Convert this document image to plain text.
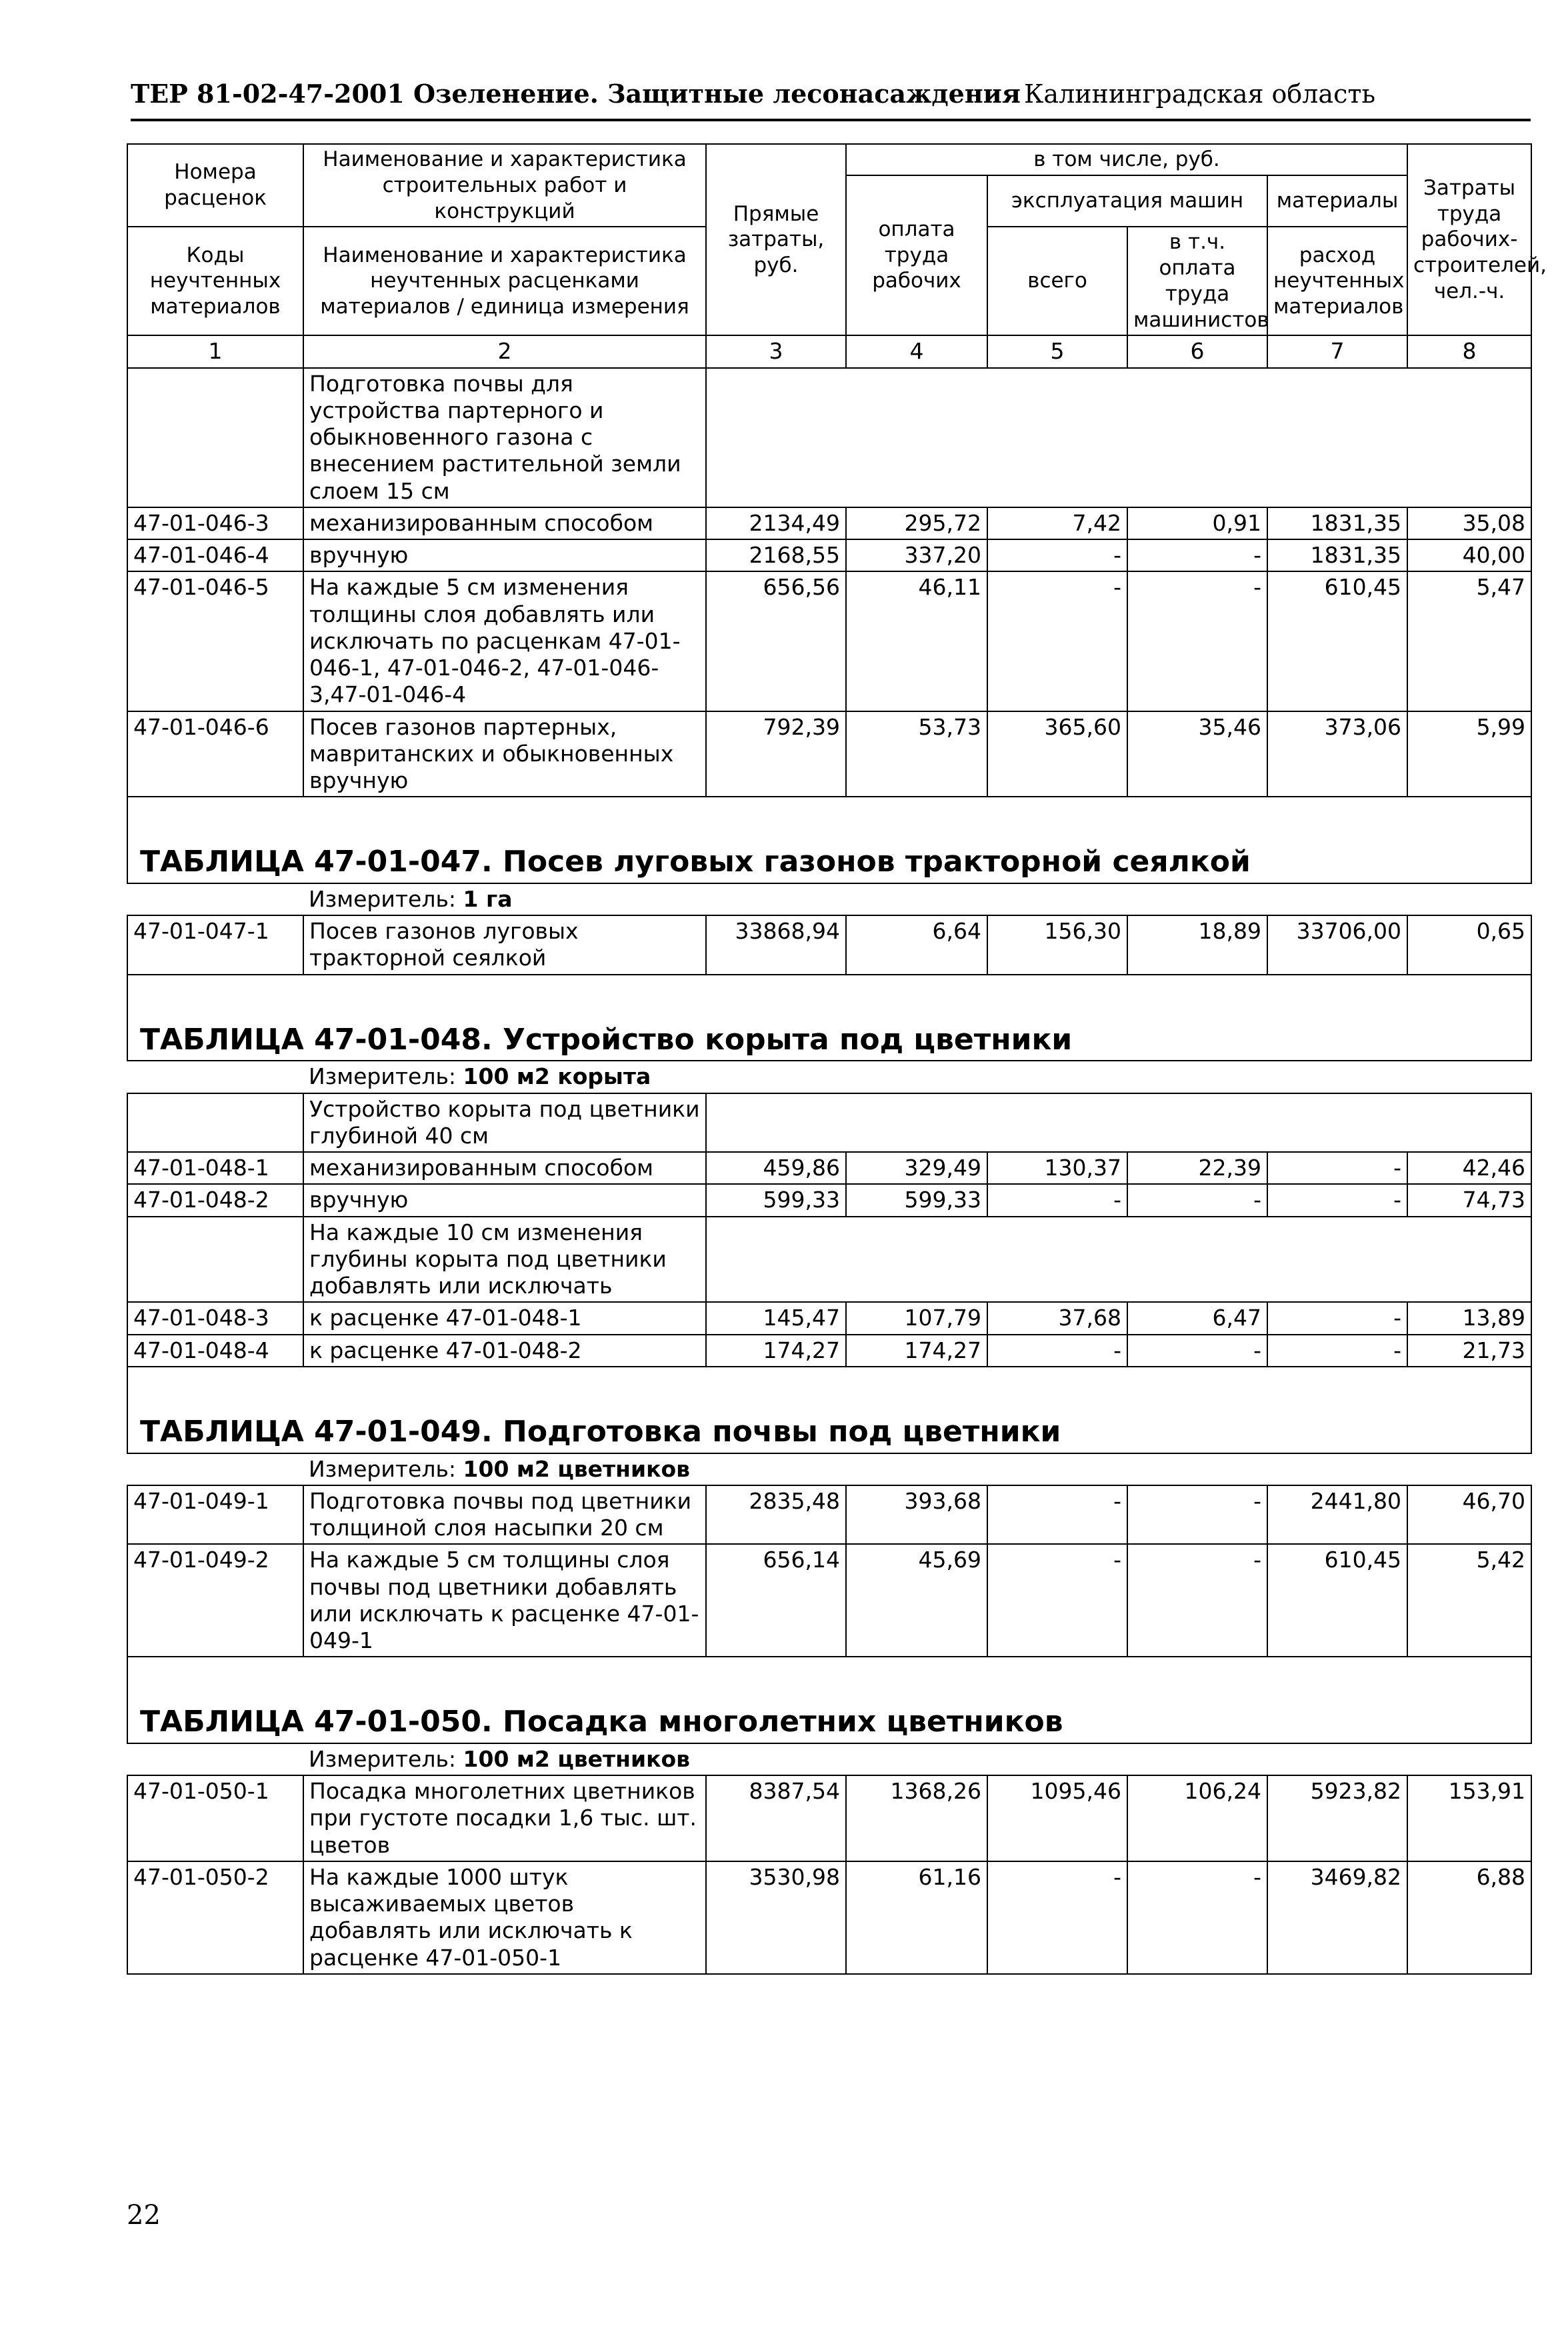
ТЕР 81-02-47-2001 Озеленение. Защитные лесонасаждения Калининградская область
Номера расценок	Наименование и характеристика строительных работ и конструкций	Прямые затраты, руб.	в том числе, руб.				Затраты труда рабочих-строителей, чел.-ч.
			оплата труда рабочих	эксплуатация машин		материалы	
Коды неучтенных материалов	Наименование и характеристика неучтенных расценками материалов / единица измерения			всего	в т.ч. оплата труда машинистов	расход неучтенных материалов	

1	2	3	4	5	6	7	8
	Подготовка почвы для устройства партерного и обыкновенного газона с внесением растительной земли слоем 15 см						
47-01-046-3	механизированным способом	2134,49	295,72	7,42	0,91	1831,35	35,08
47-01-046-4	вручную	2168,55	337,20	-	-	1831,35	40,00
47-01-046-5	На каждые 5 см изменения толщины слоя добавлять или исключать по расценкам 47-01-046-1, 47-01-046-2, 47-01-046-3,47-01-046-4	656,56	46,11	-	-	610,45	5,47
47-01-046-6	Посев газонов партерных, мавританских и обыкновенных вручную	792,39	53,73	365,60	35,46	373,06	5,99
ТАБЛИЦА 47-01-047. Посев луговых газонов тракторной сеялкой							
	Измеритель: 1 га						
47-01-047-1	Посев газонов луговых тракторной сеялкой	33868,94	6,64	156,30	18,89	33706,00	0,65
ТАБЛИЦА 47-01-048. Устройство корыта под цветники							
	Измеритель: 100 м2 корыта						
	Устройство корыта под цветники глубиной 40 см						
47-01-048-1	механизированным способом	459,86	329,49	130,37	22,39	-	42,46
47-01-048-2	вручную	599,33	599,33	-	-	-	74,73
	На каждые 10 см изменения глубины корыта под цветники добавлять или исключать						
47-01-048-3	к расценке 47-01-048-1	145,47	107,79	37,68	6,47	-	13,89
47-01-048-4	к расценке 47-01-048-2	174,27	174,27	-	-	-	21,73
ТАБЛИЦА 47-01-049. Подготовка почвы под цветники							
	Измеритель: 100 м2 цветников						
47-01-049-1	Подготовка почвы под цветники толщиной слоя насыпки 20 см	2835,48	393,68	-	-	2441,80	46,70
47-01-049-2	На каждые 5 см толщины слоя почвы под цветники добавлять или исключать к расценке 47-01-049-1	656,14	45,69	-	-	610,45	5,42
ТАБЛИЦА 47-01-050. Посадка многолетних цветников							
	Измеритель: 100 м2 цветников						
47-01-050-1	Посадка многолетних цветников при густоте посадки 1,6 тыс. шт. цветов	8387,54	1368,26	1095,46	106,24	5923,82	153,91
47-01-050-2	На каждые 1000 штук высаживаемых цветов добавлять или исключать к расценке 47-01-050-1	3530,98	61,16	-	-	3469,82	6,88
22
